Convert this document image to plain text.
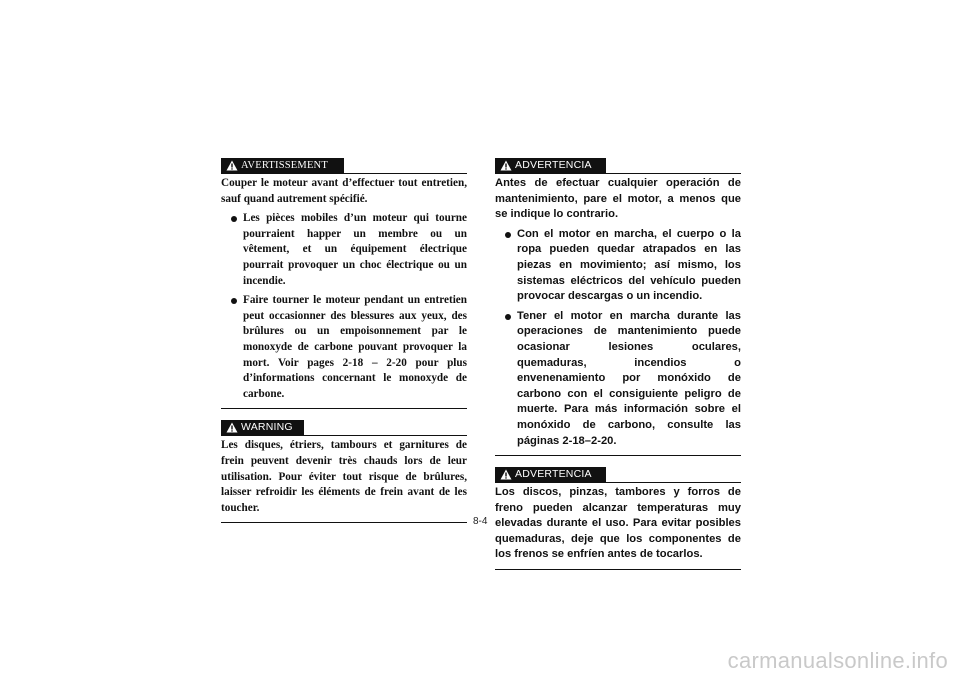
AVERTISSEMENT

Couper le moteur avant d’effectuer tout entretien, sauf quand autrement spécifié.

Les pièces mobiles d’un moteur qui tourne pourraient happer un membre ou un vêtement, et un équipement électrique pourrait provoquer un choc électrique ou un incendie.
Faire tourner le moteur pendant un entretien peut occasionner des blessures aux yeux, des brûlures ou un empoisonnement par le monoxyde de carbone pouvant provoquer la mort. Voir pages 2-18 – 2-20 pour plus d’informations concernant le monoxyde de carbone.
WARNING

Les disques, étriers, tambours et garnitures de frein peuvent devenir très chauds lors de leur utilisation. Pour éviter tout risque de brûlures, laisser refroidir les éléments de frein avant de les toucher.

ADVERTENCIA

Antes de efectuar cualquier operación de mantenimiento, pare el motor, a menos que se indique lo contrario.

Con el motor en marcha, el cuerpo o la ropa pueden quedar atrapados en las piezas en movimiento; así mismo, los sistemas eléctricos del vehículo pueden provocar descargas o un incendio.
Tener el motor en marcha durante las operaciones de mantenimiento puede ocasionar lesiones oculares, quemaduras, incendios o envenenamiento por monóxido de carbono con el consiguiente peligro de muerte. Para más información sobre el monóxido de carbono, consulte las páginas 2-18–2-20.
ADVERTENCIA

Los discos, pinzas, tambores y forros de freno pueden alcanzar temperaturas muy elevadas durante el uso. Para evitar posibles quemaduras, deje que los componentes de los frenos se enfríen antes de tocarlos.

8-4
carmanualsonline.info
